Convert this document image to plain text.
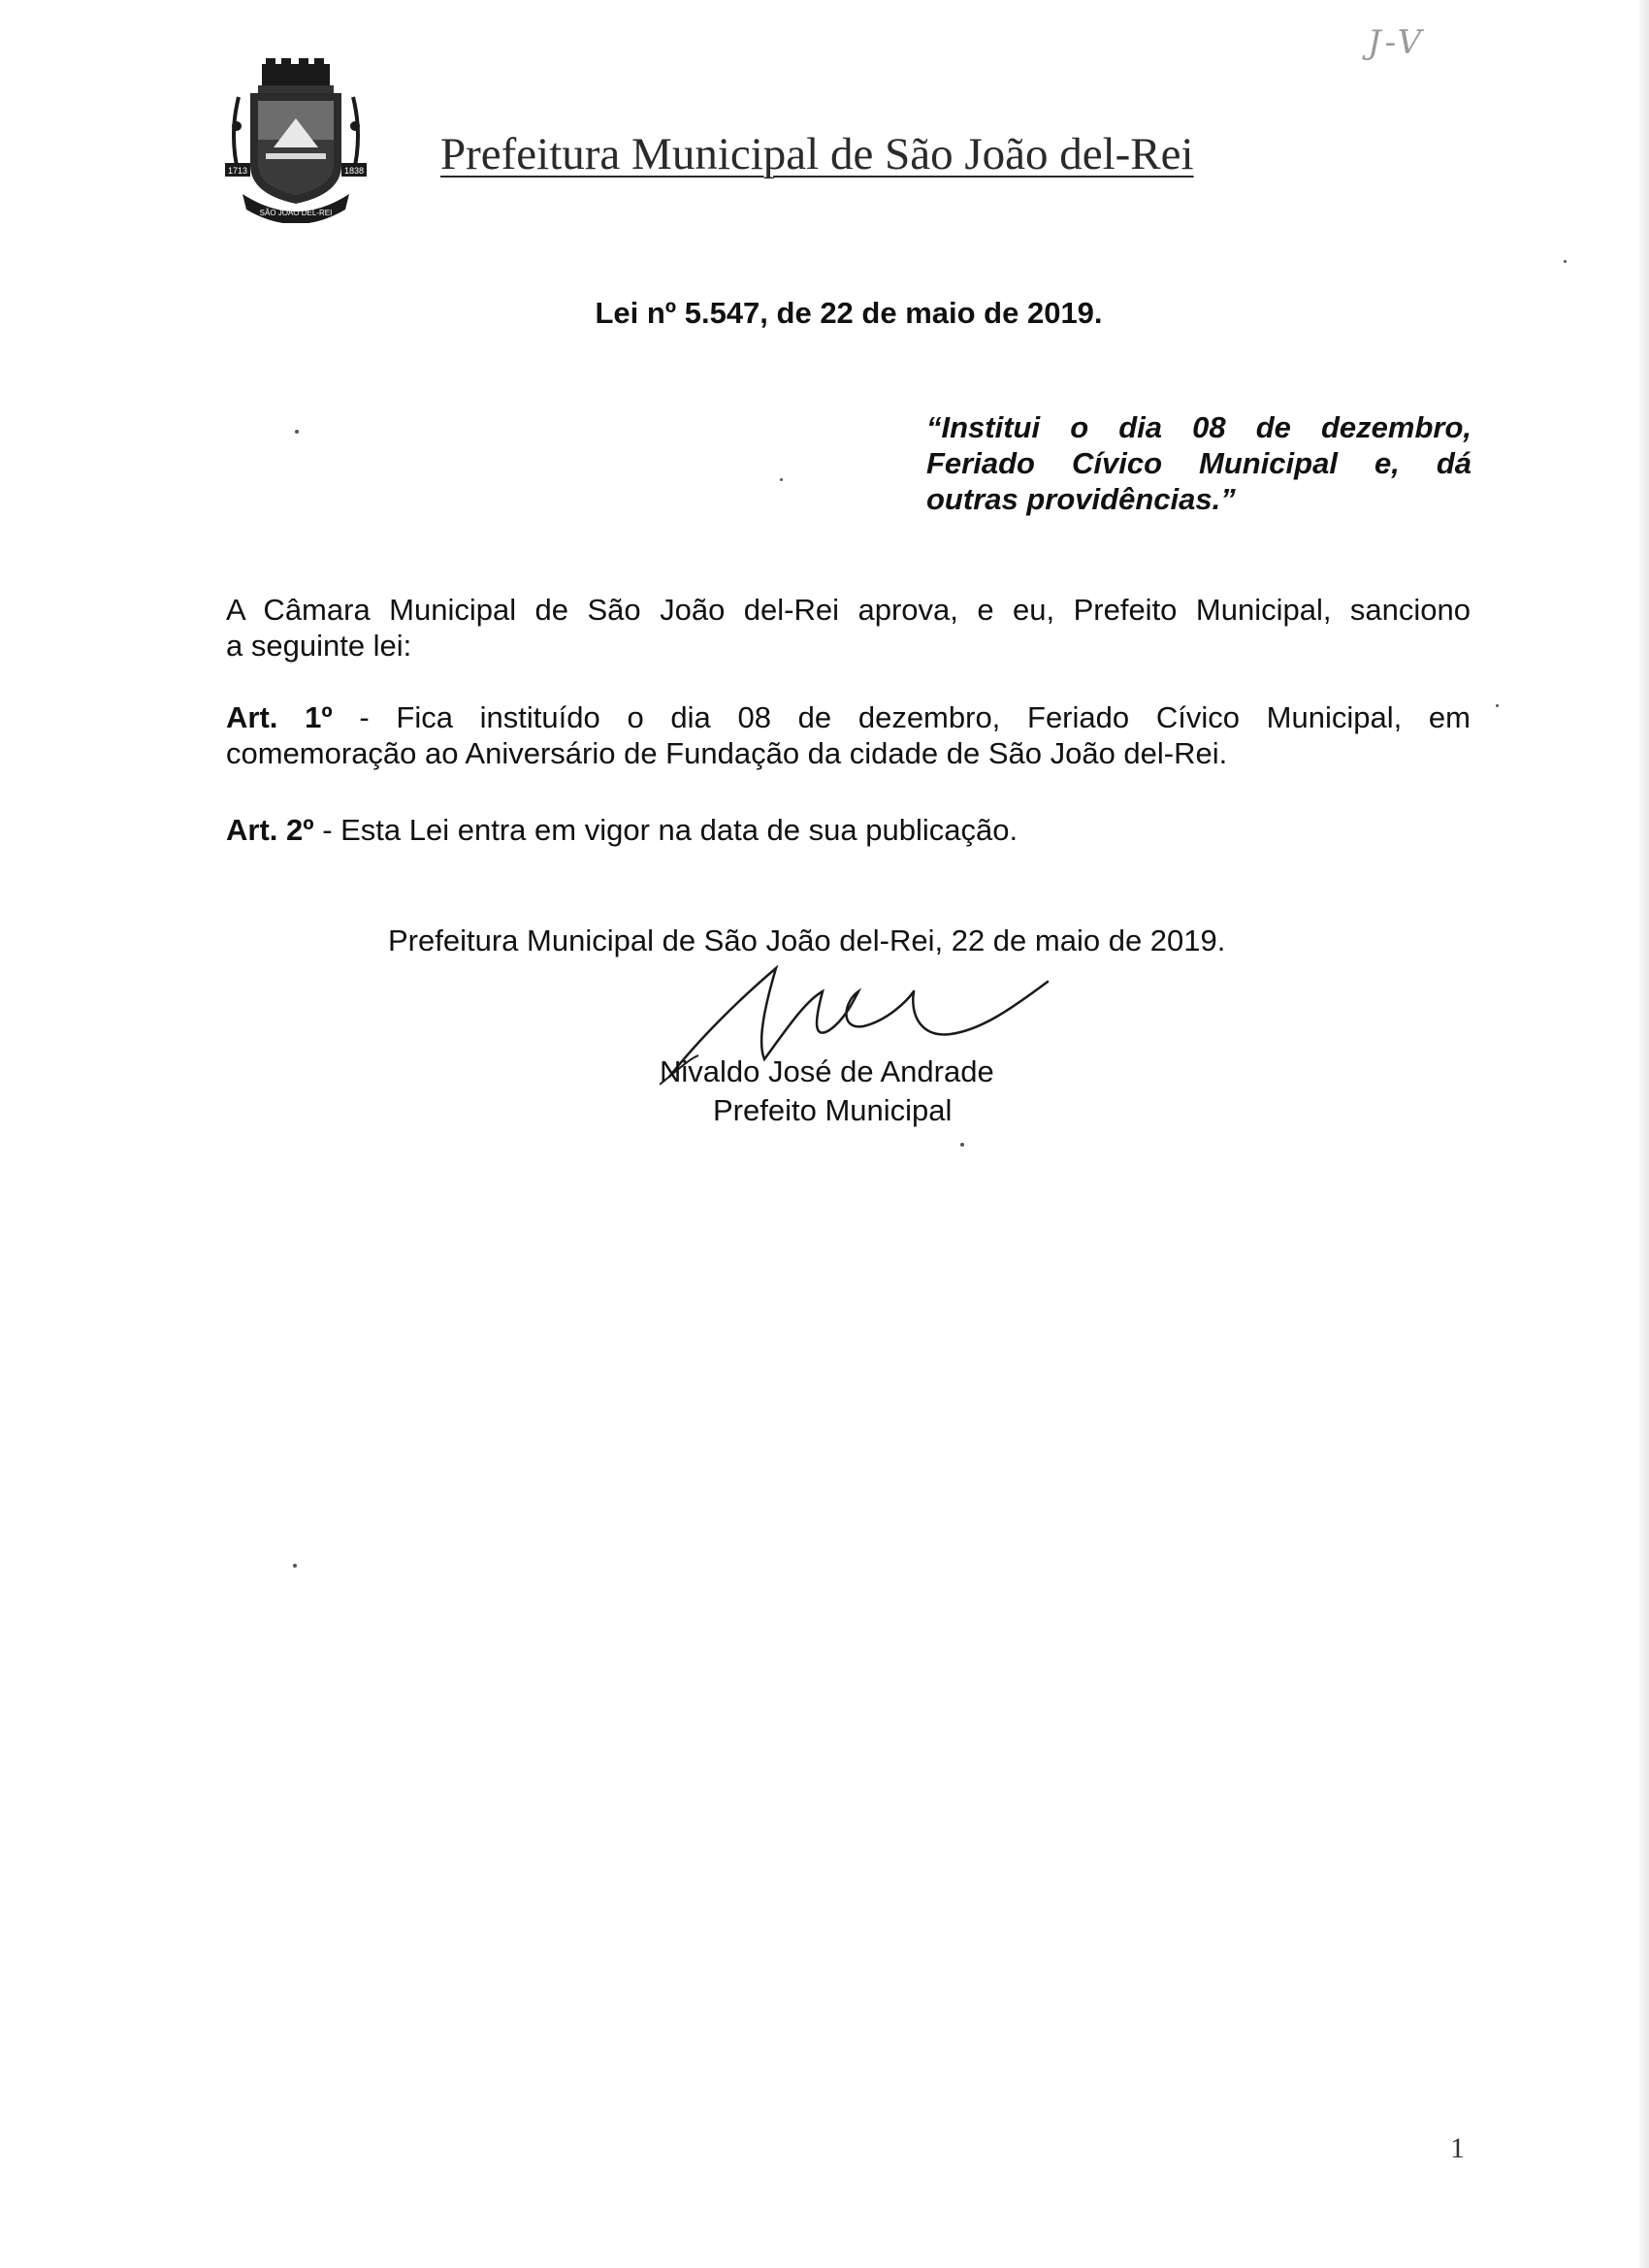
J-V
1713	1838
SÃO JOÃO DEL-REI
Prefeitura Municipal de São João del-Rei
Lei nº 5.547, de 22 de maio de 2019.
“Institui o dia 08 de dezembro,
Feriado Cívico Municipal e, dá
outras providências.”
A Câmara Municipal de São João del-Rei aprova, e eu, Prefeito Municipal, sanciono
a seguinte lei:
Art. 1º - Fica instituído o dia 08 de dezembro, Feriado Cívico Municipal, em
comemoração ao Aniversário de Fundação da cidade de São João del-Rei.
Art. 2º - Esta Lei entra em vigor na data de sua publicação.
Prefeitura Municipal de São João del-Rei, 22 de maio de 2019.
Nivaldo José de Andrade
Prefeito Municipal
1
